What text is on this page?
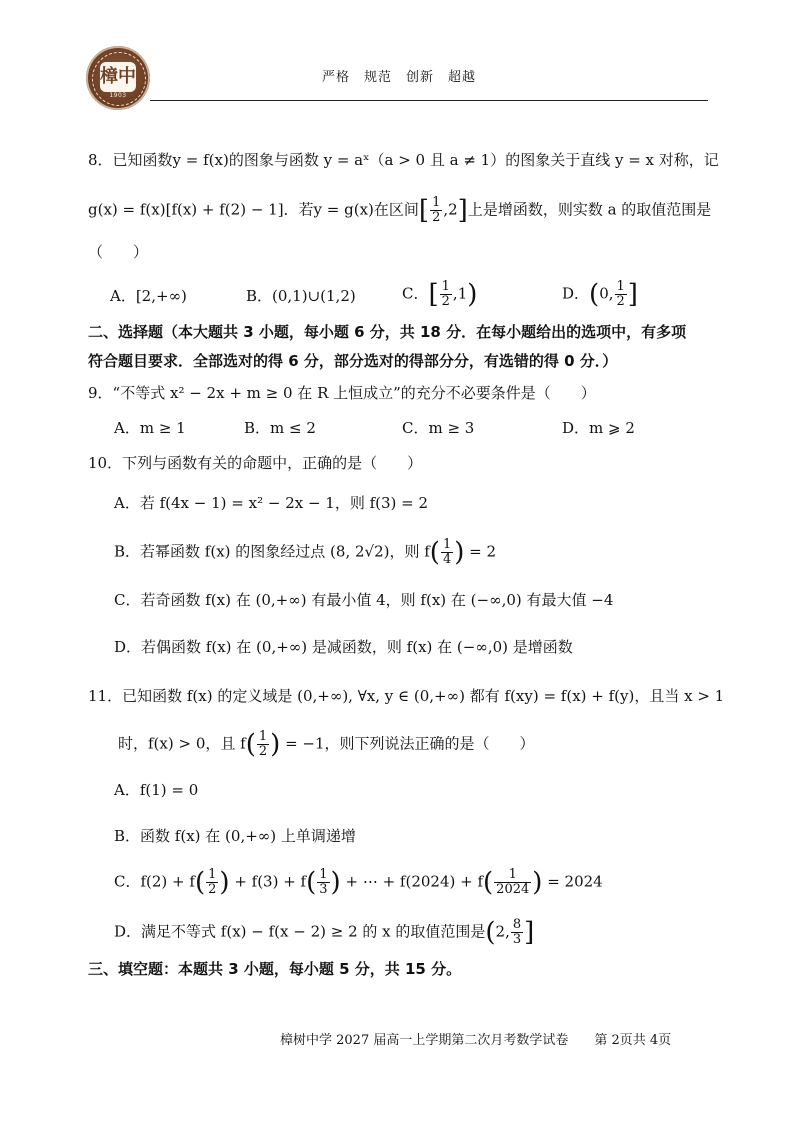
樟中
1903
严格　规范　创新　超越
8．已知函数y = f(x)的图象与函数 y = aˣ（a > 0 且 a ≠ 1）的图象关于直线 y = x 对称，记
g(x) = f(x)[f(x) + f(2) − 1]．若y = g(x)在区间[ $\frac{1}{2} ,2$]上是增函数，则实数 a 的取值范围是
（　　）
A．[2,+∞)	B．(0,1)∪(1,2)	C．[ $\frac{1}{2} ,1$)	D．(0, $\frac{1}{2}$ ]
二、选择题（本大题共 3 小题，每小题 6 分，共 18 分．在每小题给出的选项中，有多项
符合题目要求．全部选对的得 6 分，部分选对的得部分分，有选错的得 0 分．）
9．“不等式 x² − 2x + m ≥ 0 在 R 上恒成立”的充分不必要条件是（　　）
A．m ≥ 1	B．m ≤ 2	C．m ≥ 3	D．m ⩾ 2
10．下列与函数有关的命题中，正确的是（　　）
A．若 f(4x − 1) = x² − 2x − 1，则 f(3) = 2
B．若幂函数 f(x) 的图象经过点 (8, 2√2)，则 $f( \frac{1}{4}$ ) = 2
C．若奇函数 f(x) 在 (0,+∞) 有最小值 4，则 f(x) 在 (−∞,0) 有最大值 −4
D．若偶函数 f(x) 在 (0,+∞) 是减函数，则 f(x) 在 (−∞,0) 是增函数
11．已知函数 f(x) 的定义域是 (0,+∞), ∀x, y ∈ (0,+∞) 都有 f(xy) = f(x) + f(y)，且当 x > 1
时，f(x) > 0，且 $f( \frac{1}{2}$ ) = −1，则下列说法正确的是（　　）
A．f(1) = 0
B．函数 f(x) 在 (0,+∞) 上单调递增
C．$f(2) + f( \frac{1}{2}$ ) + $f(3) + f( \frac{1}{3}$ ) + ⋯ + $f(2024) + f( \frac{1}{2024}$ ) = 2024
D．满足不等式 f(x) − f(x − 2) ≥ 2 的 x 的取值范围是(2, $\frac{8}{3}$ ]
三、填空题：本题共 3 小题，每小题 5 分，共 15 分。
樟树中学 2027 届高一上学期第二次月考数学试卷　　第 2页共 4页
